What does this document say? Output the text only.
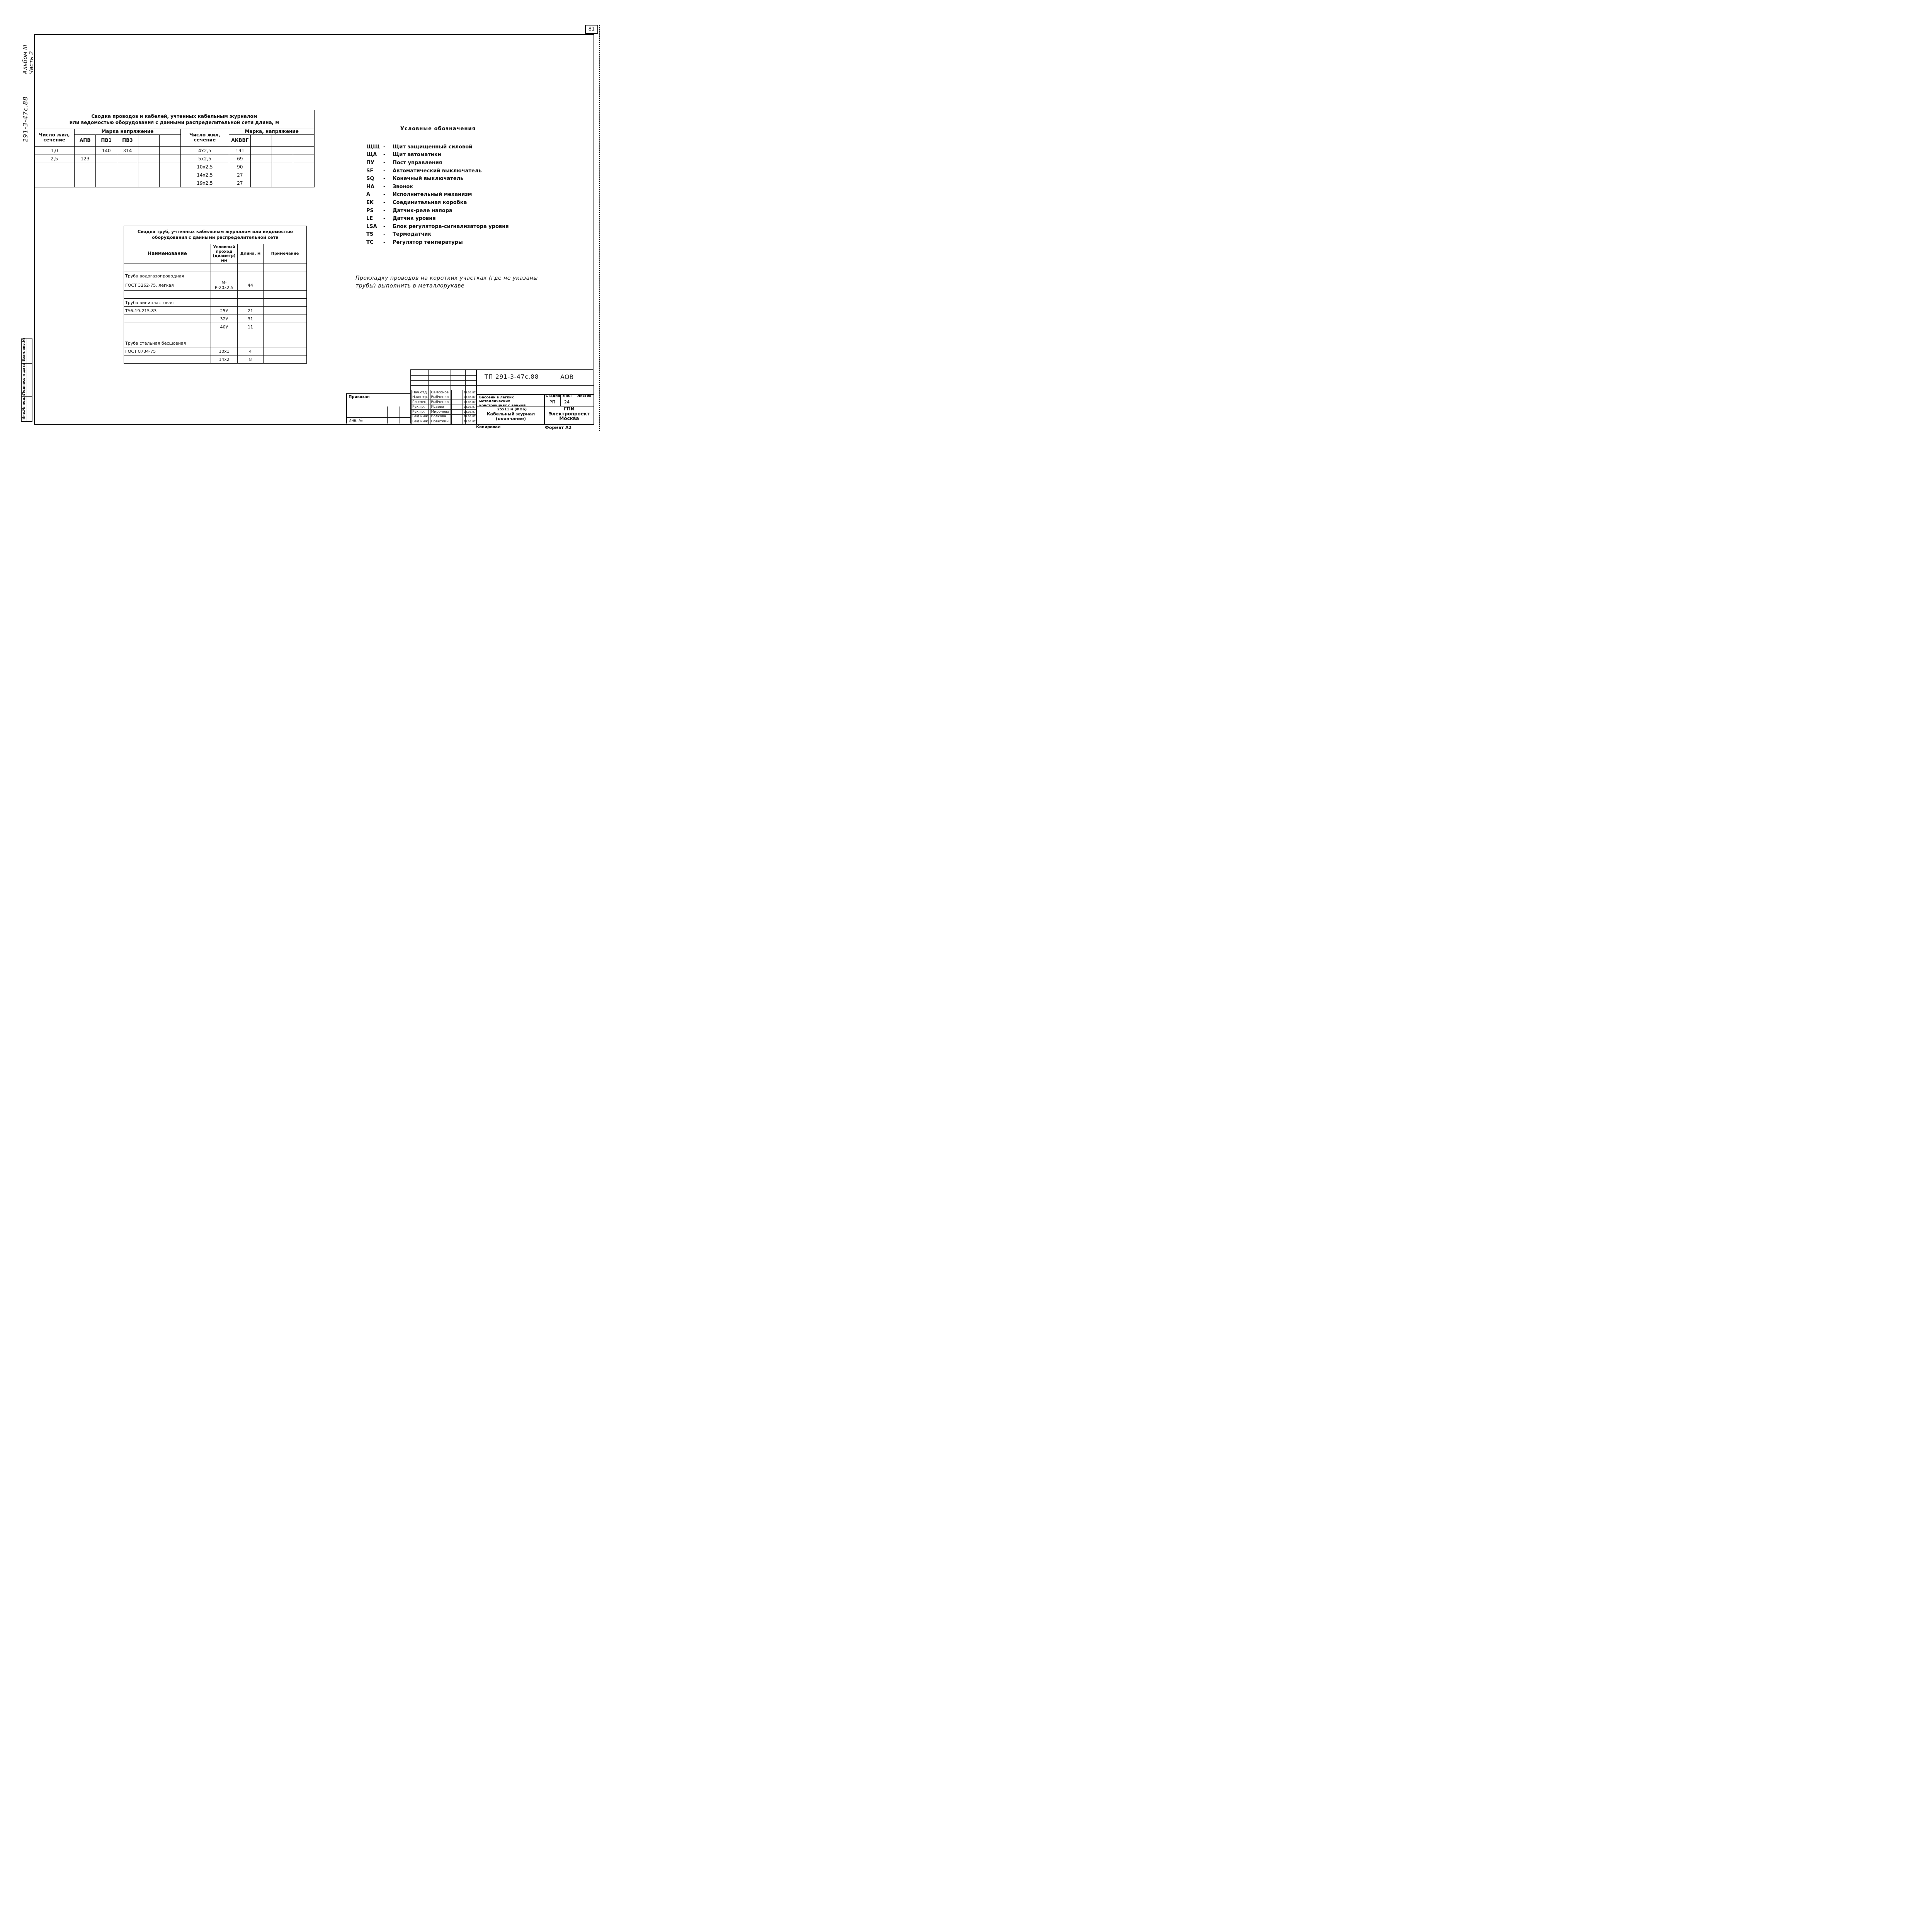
81
Альбом III
Часть 2
291-3-47с.88
Инв.№ подл.
Подпись и дата
Взам.инв.№
Сводка проводов и кабелей, учтенных кабельным журналом
или ведомостью оборудования с данными распределительной сети длина, м										

Число жил, сечение	Марка напряжение					Число жил, сечение	Марка, напряжение			
	АПВ	ПВ1	ПВ3				АКВВГ			
1,0		140	314			4х2,5	191			
2,5	123					5х2,5	69			
						10х2,5	90			
						14х2,5	27			
						19х2,5	27			
Сводка труб, учтенных кабельным журналом или ведомостью
оборудования с данными распределительной сети			

Наименование	Условный проход (диаметр) мм	Длина, м	Примечание

Труба водогазопроводная			
ГОСТ 3262-75, легкая	М-Р-20х2,5	44	

Труба винипластовая			
ТУ6-19-215-83	25У	21	
	32У	31	
	40У	11	

Труба стальная бесшовная			
ГОСТ 8734-75	10х1	4	
	14х2	8	
Условные обозначения
ЩЩ -	Щит защищенный силовой
ЩА	-	Щит автоматики
ПУ	-	Пост управления
SF	-	Автоматический выключатель
SQ	-	Конечный выключатель
HA	-	Звонок
A	-	Исполнительный механизм
EK	-	Соединительная коробка
PS	-	Датчик-реле напора
LE	-	Датчик уровня
LSA	-	Блок регулятора-сигнализатора уровня
TS	-	Термодатчик
TC	-	Регулятор температуры
Прокладку проводов на коротких участках (где не указаны
трубы) выполнить в металлорукаве
ТП 291-3-47с.88	АОВ
Нач.отд.	Самсонов		28.05.87
Н.контр.	Рыбченко		28.05.87
Гл.спец.	Рыбченко		28.05.87
Рук.гр.	Исаева		28.05.87
Рук.гр.	Миронова		28.05.87
Вед.инж.	Волкова		28.05.87
Вед.инж.	Поветкин		28.05.87
Бассейн в легких металлических
конструкциях с ванной
25х11 м (ФОБ)
Стадия Лист Листов
РП 24
ГПИ
Электропроект
Москва
Кабельный журнал
(окончание)
Привязан
Инв. №
Копировал	Формат А2
